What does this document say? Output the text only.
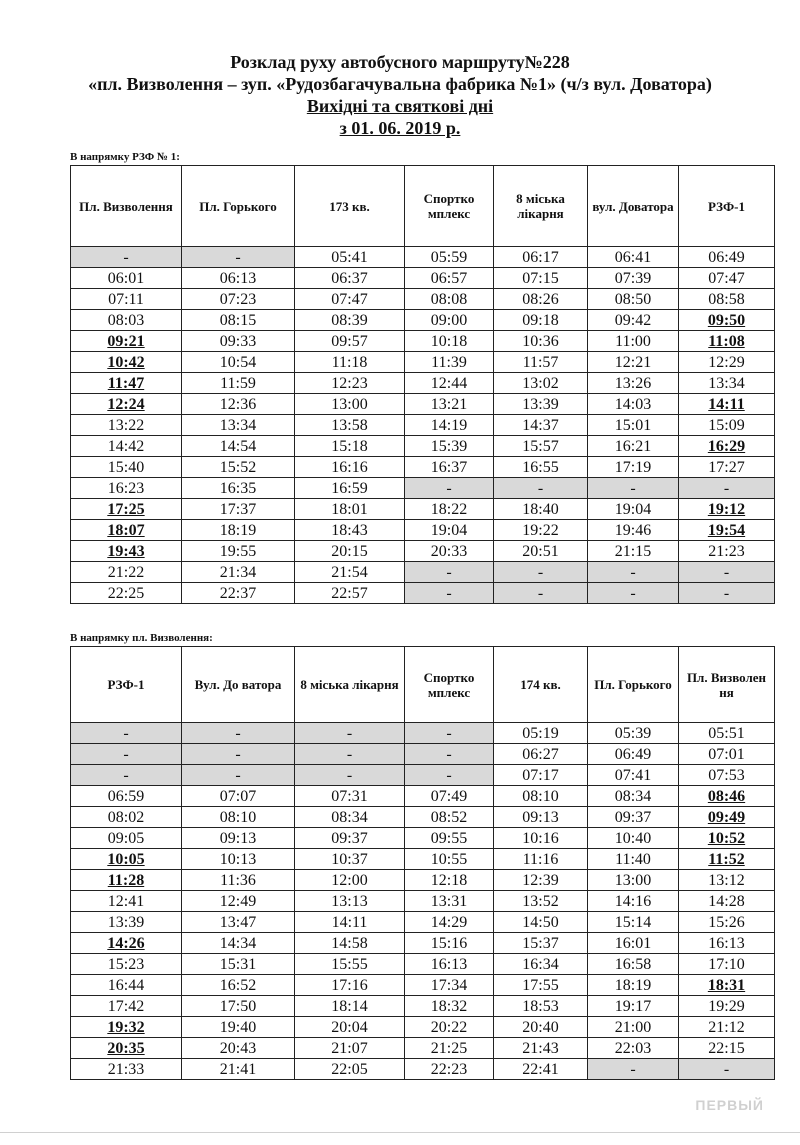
Розклад руху автобусного маршруту№228
«пл. Визволення – зуп. «Рудозбагачувальна фабрика №1» (ч/з вул. Доватора)
Вихідні та святкові дні
з 01. 06. 2019 р.
В напрямку РЗФ № 1:
Пл. Визволення	Пл. Горького	173 кв.	Спортко мплекс	8 міська лікарня	вул. Доватора	РЗФ-1
-	-	05:41	05:59	06:17	06:41	06:49
06:01	06:13	06:37	06:57	07:15	07:39	07:47
07:11	07:23	07:47	08:08	08:26	08:50	08:58
08:03	08:15	08:39	09:00	09:18	09:42	09:50
09:21	09:33	09:57	10:18	10:36	11:00	11:08
10:42	10:54	11:18	11:39	11:57	12:21	12:29
11:47	11:59	12:23	12:44	13:02	13:26	13:34
12:24	12:36	13:00	13:21	13:39	14:03	14:11
13:22	13:34	13:58	14:19	14:37	15:01	15:09
14:42	14:54	15:18	15:39	15:57	16:21	16:29
15:40	15:52	16:16	16:37	16:55	17:19	17:27
16:23	16:35	16:59	-	-	-	-
17:25	17:37	18:01	18:22	18:40	19:04	19:12
18:07	18:19	18:43	19:04	19:22	19:46	19:54
19:43	19:55	20:15	20:33	20:51	21:15	21:23
21:22	21:34	21:54	-	-	-	-
22:25	22:37	22:57	-	-	-	-
В напрямку пл. Визволення:
РЗФ-1	Вул. До ватора	8 міська лікарня	Спортко мплекс	174 кв.	Пл. Горького	Пл. Визволен ня
-	-	-	-	05:19	05:39	05:51
-	-	-	-	06:27	06:49	07:01
-	-	-	-	07:17	07:41	07:53
06:59	07:07	07:31	07:49	08:10	08:34	08:46
08:02	08:10	08:34	08:52	09:13	09:37	09:49
09:05	09:13	09:37	09:55	10:16	10:40	10:52
10:05	10:13	10:37	10:55	11:16	11:40	11:52
11:28	11:36	12:00	12:18	12:39	13:00	13:12
12:41	12:49	13:13	13:31	13:52	14:16	14:28
13:39	13:47	14:11	14:29	14:50	15:14	15:26
14:26	14:34	14:58	15:16	15:37	16:01	16:13
15:23	15:31	15:55	16:13	16:34	16:58	17:10
16:44	16:52	17:16	17:34	17:55	18:19	18:31
17:42	17:50	18:14	18:32	18:53	19:17	19:29
19:32	19:40	20:04	20:22	20:40	21:00	21:12
20:35	20:43	21:07	21:25	21:43	22:03	22:15
21:33	21:41	22:05	22:23	22:41	-	-
ПЕРВЫЙ
